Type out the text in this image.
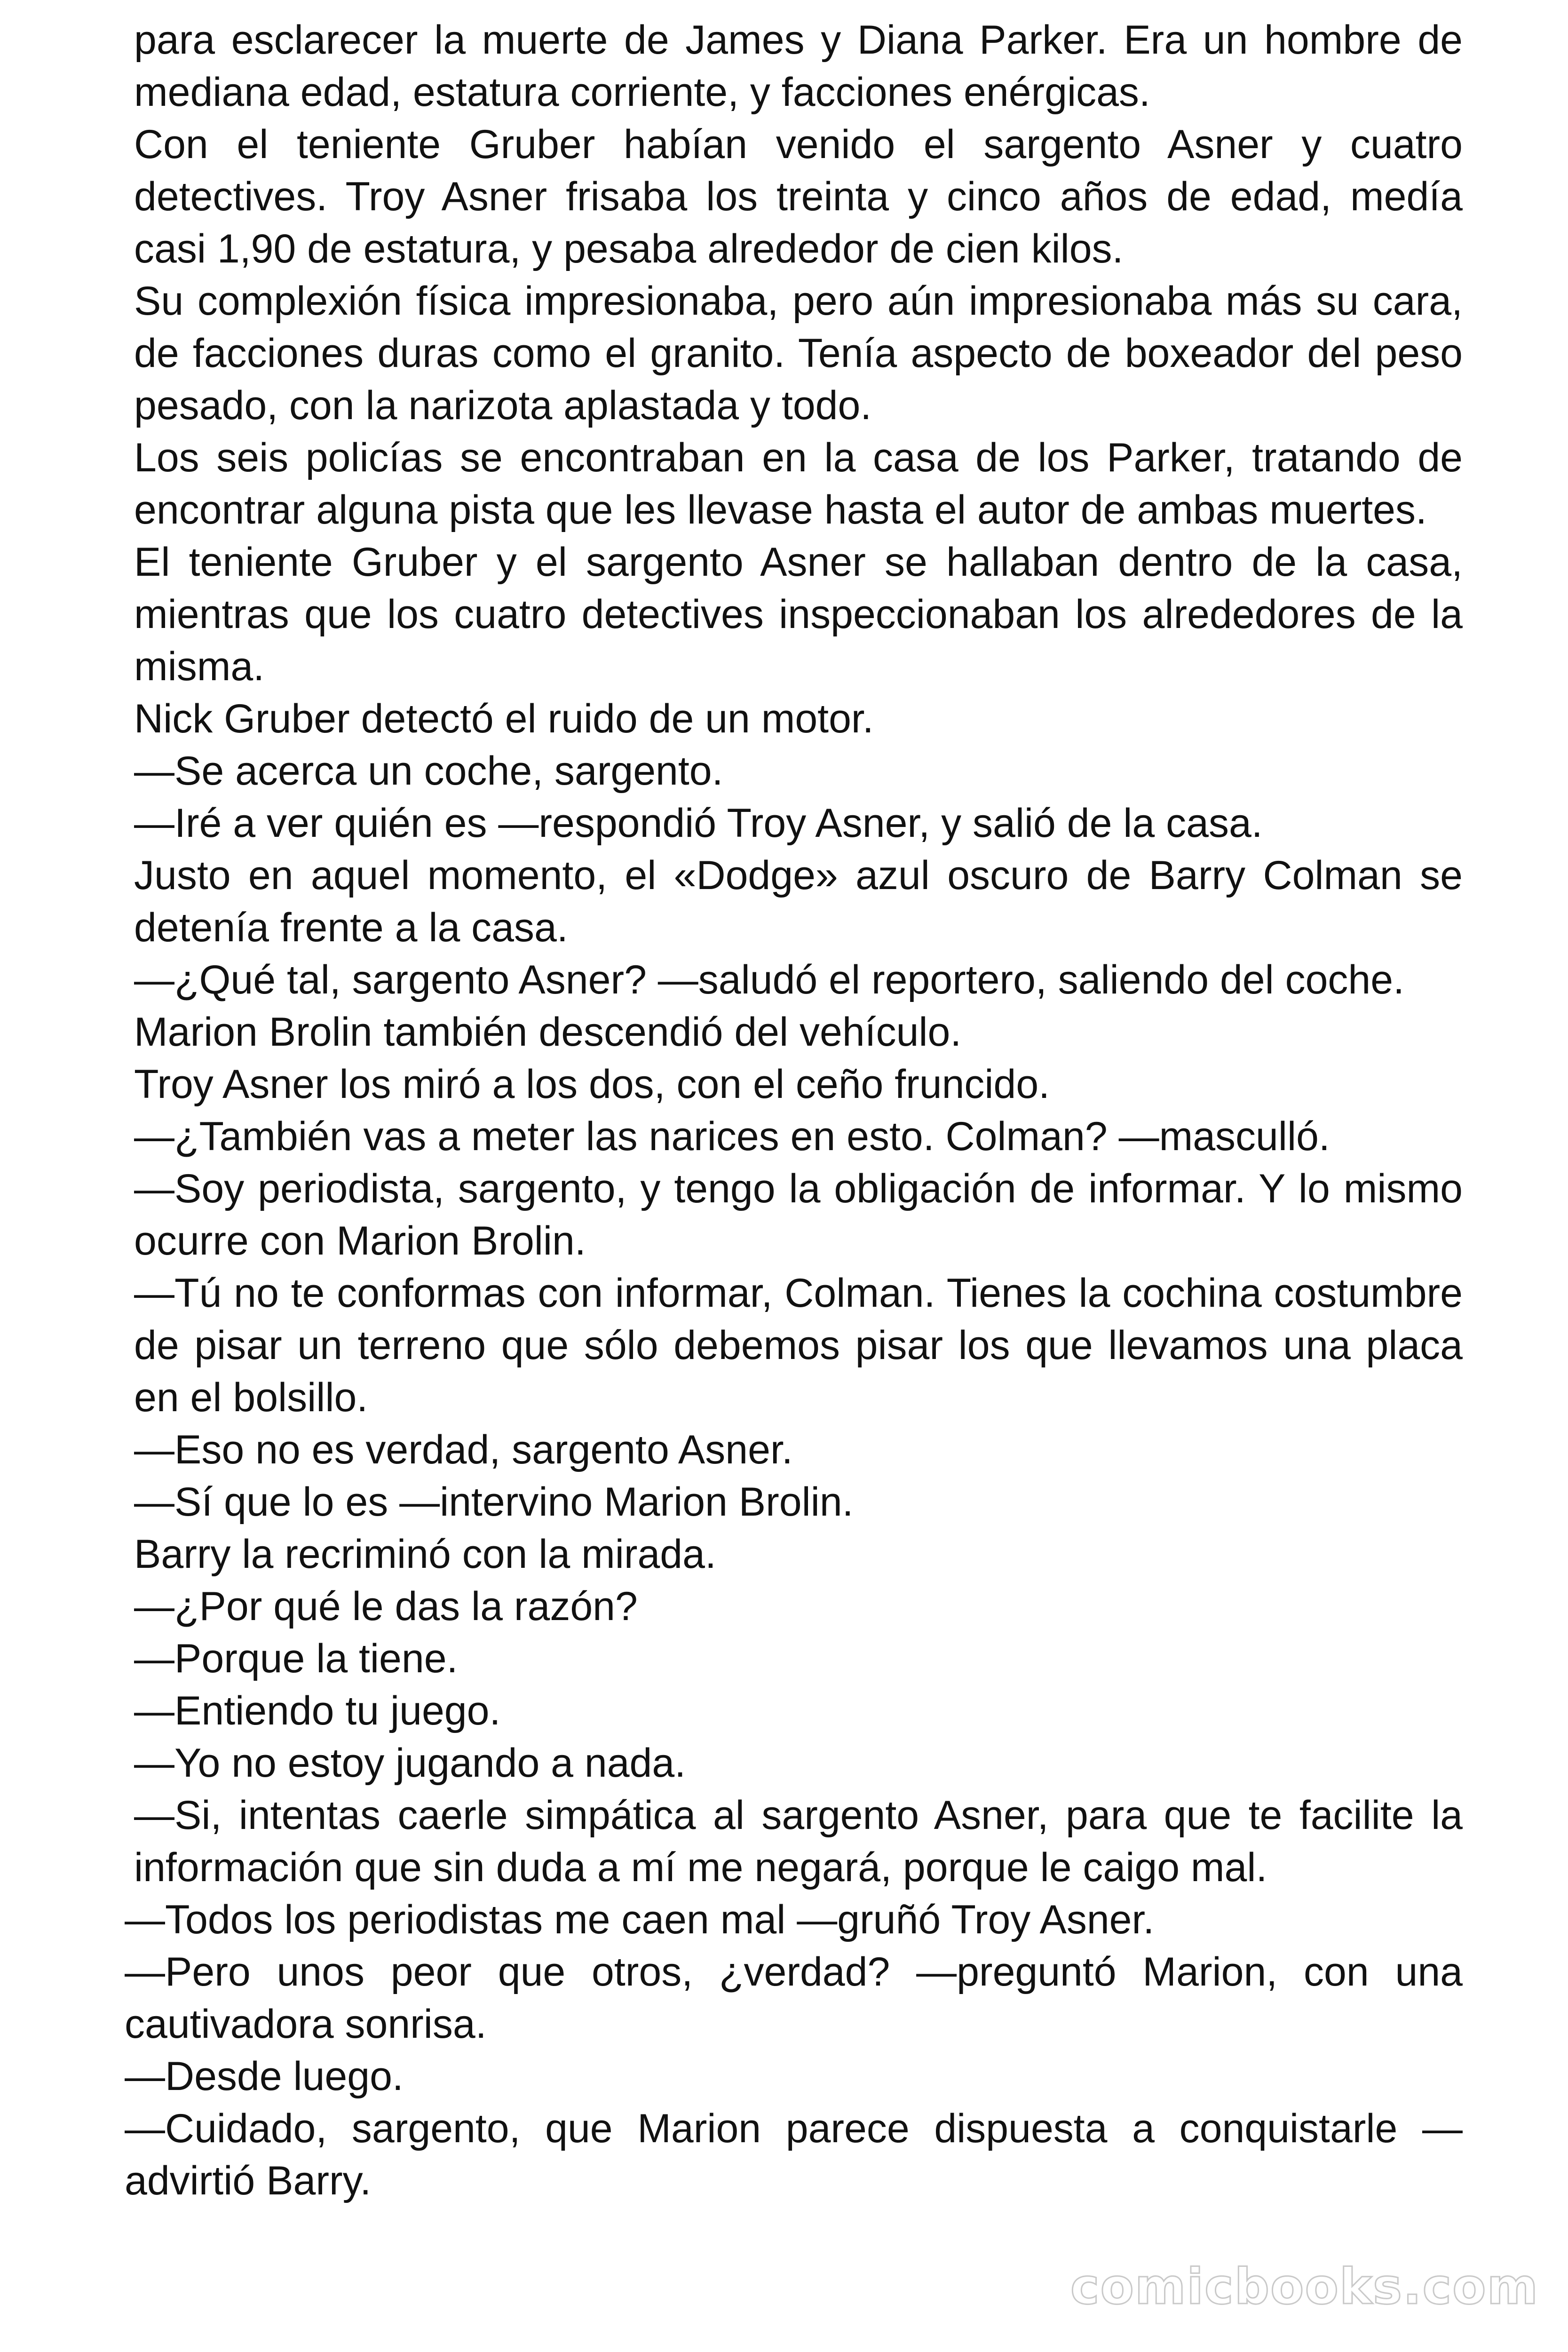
para esclarecer la muerte de James y Diana Parker. Era un hombre de mediana edad, estatura corriente, y facciones enérgicas.

Con el teniente Gruber habían venido el sargento Asner y cuatro detectives. Troy Asner frisaba los treinta y cinco años de edad, medía casi 1,90 de estatura, y pesaba alrededor de cien kilos.

Su complexión física impresionaba, pero aún impresionaba más su cara, de facciones duras como el granito. Tenía aspecto de boxeador del peso pesado, con la narizota aplastada y todo.

Los seis policías se encontraban en la casa de los Parker, tratando de encontrar alguna pista que les llevase hasta el autor de ambas muertes.

El teniente Gruber y el sargento Asner se hallaban dentro de la casa, mientras que los cuatro detectives inspeccionaban los alrededores de la misma.

Nick Gruber detectó el ruido de un motor.

—Se acerca un coche, sargento.

—Iré a ver quién es —respondió Troy Asner, y salió de la casa.

Justo en aquel momento, el «Dodge» azul oscuro de Barry Colman se detenía frente a la casa.

—¿Qué tal, sargento Asner? —saludó el reportero, saliendo del coche.

Marion Brolin también descendió del vehículo.

Troy Asner los miró a los dos, con el ceño fruncido.

—¿También vas a meter las narices en esto. Colman? —masculló.

—Soy periodista, sargento, y tengo la obligación de informar. Y lo mismo ocurre con Marion Brolin.

—Tú no te conformas con informar, Colman. Tienes la cochina costumbre de pisar un terreno que sólo debemos pisar los que llevamos una placa en el bolsillo.

—Eso no es verdad, sargento Asner.

—Sí que lo es —intervino Marion Brolin.

Barry la recriminó con la mirada.

—¿Por qué le das la razón?

—Porque la tiene.

—Entiendo tu juego.

—Yo no estoy jugando a nada.

—Si, intentas caerle simpática al sargento Asner, para que te facilite la información que sin duda a mí me negará, porque le caigo mal.

—Todos los periodistas me caen mal —gruñó Troy Asner.

—Pero unos peor que otros, ¿verdad? —preguntó Marion, con una cautivadora sonrisa.

—Desde luego.

—Cuidado, sargento, que Marion parece dispuesta a conquistarle —advirtió Barry.

comicbooks.com
